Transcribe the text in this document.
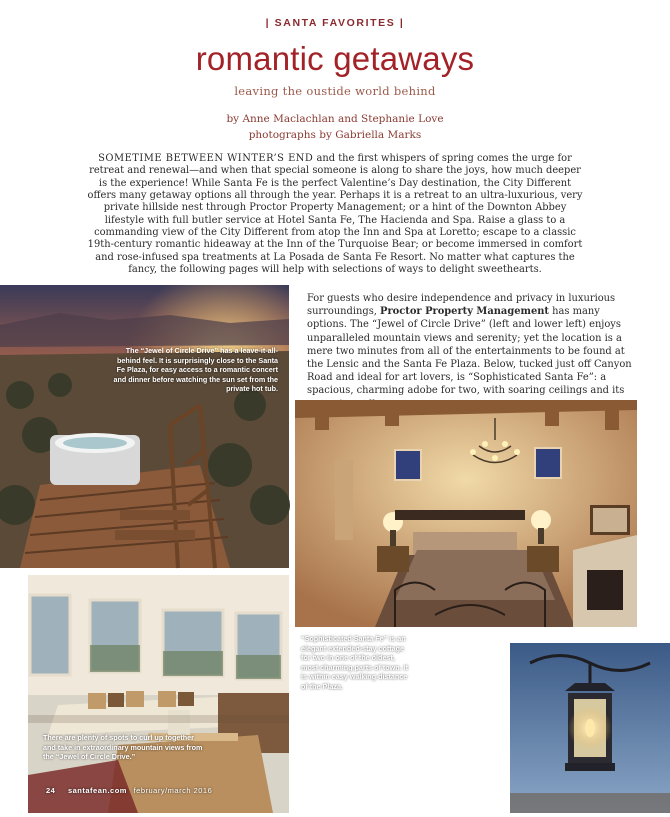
| SANTA FAVORITES |
romantic getaways
leaving the oustide world behind
by Anne Maclachlan and Stephanie Love
photographs by Gabriella Marks
SOMETIME BETWEEN WINTER’S END and the first whispers of spring comes the urge for retreat and renewal—and when that special someone is along to share the joys, how much deeper is the experience! While Santa Fe is the perfect Valentine’s Day destination, the City Different offers many getaway options all through the year. Perhaps it is a retreat to an ultra-luxurious, very private hillside nest through Proctor Property Management; or a hint of the Downton Abbey lifestyle with full butler service at Hotel Santa Fe, The Hacienda and Spa. Raise a glass to a commanding view of the City Different from atop the Inn and Spa at Loretto; escape to a classic 19th-century romantic hideaway at the Inn of the Turquoise Bear; or become immersed in comfort and rose-infused spa treatments at La Posada de Santa Fe Resort. No matter what captures the fancy, the following pages will help with selections of ways to delight sweethearts.
For guests who desire independence and privacy in luxurious surroundings, Proctor Property Management has many options. The “Jewel of Circle Drive” (left and lower left) enjoys unparalleled mountain views and serenity; yet the location is a mere two minutes from all of the entertainments to be found at the Lensic and the Santa Fe Plaza. Below, tucked just off Canyon Road and ideal for art lovers, is “Sophisticated Santa Fe”: a spacious, charming adobe for two, with soaring ceilings and its
The “Jewel of Circle Drive” has a leave-it-all-behind feel. It is surprisingly close to the Santa Fe Plaza, for easy access to a romantic concert and dinner before watching the sun set from the private hot tub.
“Sophisticated Santa Fe” is an elegant extended-stay cottage for two in one of the oldest, most charming parts of town. It is within easy walking distance of the Plaza.
There are plenty of spots to curl up together and take in extraordinary mountain views from the “Jewel of Circle Drive.”
24 santafean.com february/march 2016
